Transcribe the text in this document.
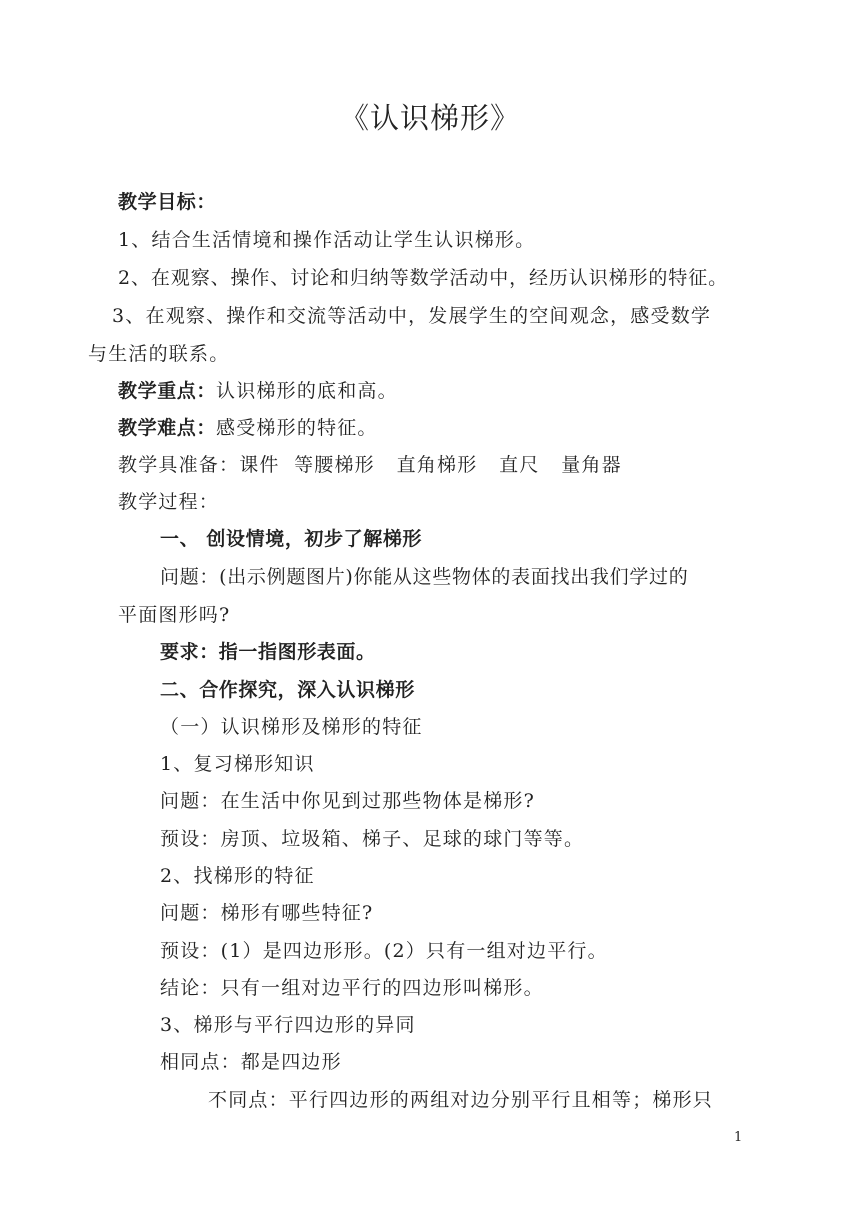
《认识梯形》
教学目标：
1、结合生活情境和操作活动让学生认识梯形。
2、在观察、操作、讨论和归纳等数学活动中，经历认识梯形的特征。
3、在观察、操作和交流等活动中，发展学生的空间观念，感受数学
与生活的联系。
教学重点：认识梯形的底和高。
教学难点：感受梯形的特征。
教学具准备：课件  等腰梯形   直角梯形   直尺   量角器
教学过程：
一、 创设情境，初步了解梯形
问题：(出示例题图片)你能从这些物体的表面找出我们学过的
平面图形吗?
要求：指一指图形表面。
二、合作探究，深入认识梯形
（一）认识梯形及梯形的特征
1、复习梯形知识
问题：在生活中你见到过那些物体是梯形?
预设：房顶、垃圾箱、梯子、足球的球门等等。
2、找梯形的特征
问题：梯形有哪些特征?
预设：(1）是四边形形。(2）只有一组对边平行。
结论：只有一组对边平行的四边形叫梯形。
3、梯形与平行四边形的异同
相同点：都是四边形
不同点：平行四边形的两组对边分别平行且相等；梯形只
1
